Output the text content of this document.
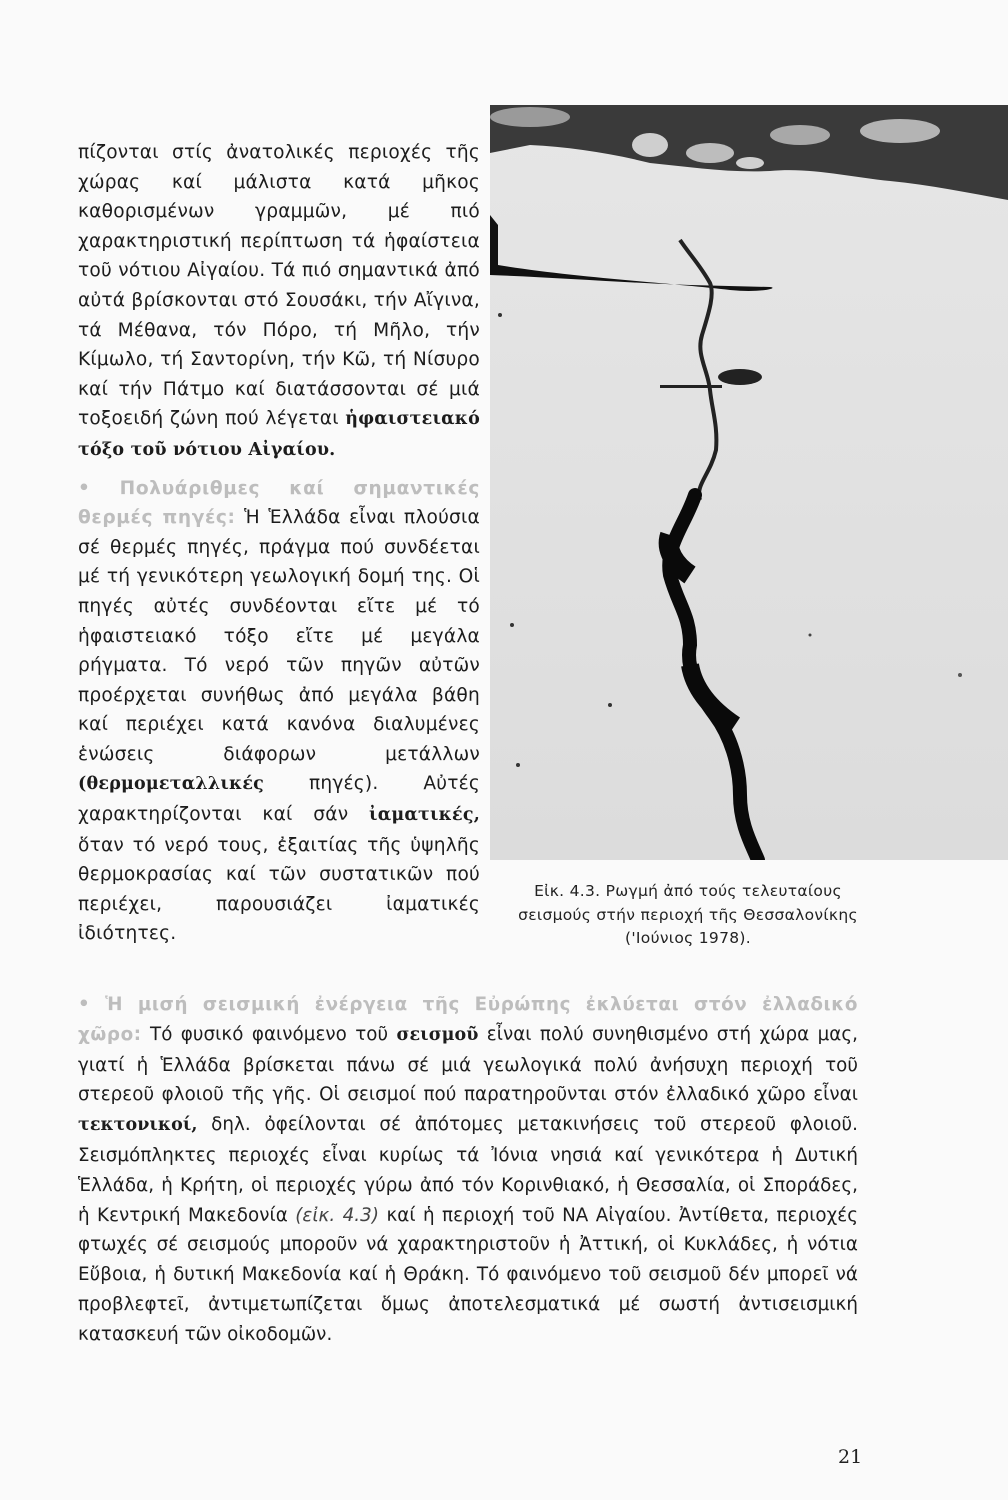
πίζονται στίς ἀνατολικές περιοχές τῆς χώρας καί μάλιστα κατά μῆκος καθορισμένων γραμμῶν, μέ πιό χαρακτηριστική περίπτωση τά ἡφαίστεια τοῦ νότιου Αἰγαίου. Τά πιό σημαντικά ἀπό αὐτά βρίσκονται στό Σουσάκι, τήν Αἴγινα, τά Μέθανα, τόν Πόρο, τή Μῆλο, τήν Κίμωλο, τή Σαντορίνη, τήν Κῶ, τή Νίσυρο καί τήν Πάτμο καί διατάσσονται σέ μιά τοξοειδή ζώνη πού λέγεται ἡφαιστειακό τόξο τοῦ νότιου Αἰγαίου.

• Πολυάριθμες καί σημαντικές θερμές πηγές: Ἡ Ἑλλάδα εἶναι πλούσια σέ θερμές πηγές, πράγμα πού συνδέεται μέ τή γενικότερη γεωλογική δομή της. Οἱ πηγές αὐτές συνδέονται εἴτε μέ τό ἡφαιστειακό τόξο εἴτε μέ μεγάλα ρήγματα. Τό νερό τῶν πηγῶν αὐτῶν προέρχεται συνήθως ἀπό μεγάλα βάθη καί περιέχει κατά κανόνα διαλυμένες ἑνώσεις διάφορων μετάλλων (θερμομεταλλικές πηγές). Αὐτές χαρακτηρίζονται καί σάν ἰαματικές, ὅταν τό νερό τους, ἐξαιτίας τῆς ὑψηλῆς θερμοκρασίας καί τῶν συστατικῶν πού περιέχει, παρουσιάζει ἰαματικές ἰδιότητες.

Εἰκ. 4.3. Ρωγμή ἀπό τούς τελευταίους σεισμούς στήν περιοχή τῆς Θεσσαλονίκης ('Ιούνιος 1978).

• Ἡ μισή σεισμική ἐνέργεια τῆς Εὐρώπης ἐκλύεται στόν ἐλλαδικό χῶρο: Τό φυσικό φαινόμενο τοῦ σεισμοῦ εἶναι πολύ συνηθισμένο στή χώρα μας, γιατί ἡ Ἑλλάδα βρίσκεται πάνω σέ μιά γεωλογικά πολύ ἀνήσυχη περιοχή τοῦ στερεοῦ φλοιοῦ τῆς γῆς. Οἱ σεισμοί πού παρατηροῦνται στόν ἐλλαδικό χῶρο εἶναι τεκτονικοί, δηλ. ὀφείλονται σέ ἀπότομες μετακινήσεις τοῦ στερεοῦ φλοιοῦ. Σεισμόπληκτες περιοχές εἶναι κυρίως τά Ἰόνια νησιά καί γενικότερα ἡ Δυτική Ἑλλάδα, ἡ Κρήτη, οἱ περιοχές γύρω ἀπό τόν Κορινθιακό, ἡ Θεσσαλία, οἱ Σποράδες, ἡ Κεντρική Μακεδονία (εἰκ. 4.3) καί ἡ περιοχή τοῦ ΝΑ Αἰγαίου. Ἀντίθετα, περιοχές φτωχές σέ σεισμούς μποροῦν νά χαρακτηριστοῦν ἡ Ἀττική, οἱ Κυκλάδες, ἡ νότια Εὔβοια, ἡ δυτική Μακεδονία καί ἡ Θράκη. Τό φαινόμενο τοῦ σεισμοῦ δέν μπορεῖ νά προβλεφτεῖ, ἀντιμετωπίζεται ὅμως ἀποτελεσματικά μέ σωστή ἀντισεισμική κατασκευή τῶν οἰκοδομῶν.

21
